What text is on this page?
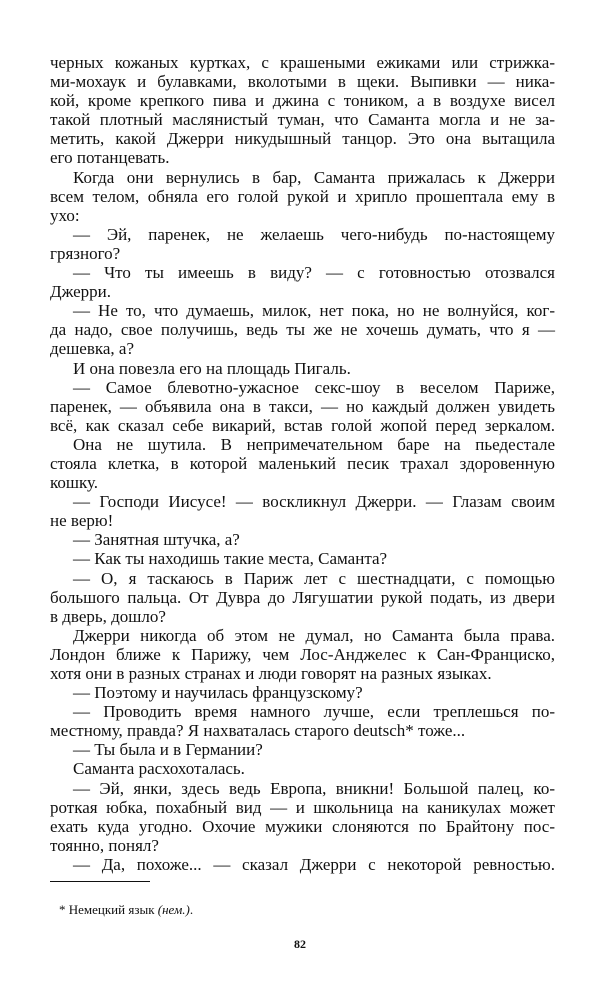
черных кожаных куртках, с крашеными ежиками или стрижка-
ми-мохаук и булавками, вколотыми в щеки. Выпивки — ника-
кой, кроме крепкого пива и джина с тоником, а в воздухе висел
такой плотный маслянистый туман, что Саманта могла и не за-
метить, какой Джерри никудышный танцор. Это она вытащила
его потанцевать.
Когда они вернулись в бар, Саманта прижалась к Джерри
всем телом, обняла его голой рукой и хрипло прошептала ему в
ухо:
— Эй, паренек, не желаешь чего-нибудь по-настоящему
грязного?
— Что ты имеешь в виду? — с готовностью отозвался
Джерри.
— Не то, что думаешь, милок, нет пока, но не волнуйся, ког-
да надо, свое получишь, ведь ты же не хочешь думать, что я —
дешевка, а?
И она повезла его на площадь Пигаль.
— Самое блевотно-ужасное секс-шоу в веселом Париже,
паренек, — объявила она в такси, — но каждый должен увидеть
всё, как сказал себе викарий, встав голой жопой перед зеркалом.
Она не шутила. В непримечательном баре на пьедестале
стояла клетка, в которой маленький песик трахал здоровенную
кошку.
— Господи Иисусе! — воскликнул Джерри. — Глазам своим
не верю!
— Занятная штучка, а?
— Как ты находишь такие места, Саманта?
— О, я таскаюсь в Париж лет с шестнадцати, с помощью
большого пальца. От Дувра до Лягушатии рукой подать, из двери
в дверь, дошло?
Джерри никогда об этом не думал, но Саманта была права.
Лондон ближе к Парижу, чем Лос-Анджелес к Сан-Франциско,
хотя они в разных странах и люди говорят на разных языках.
— Поэтому и научилась французскому?
— Проводить время намного лучше, если треплешься по-
местному, правда? Я нахваталась старого deutsch* тоже...
— Ты была и в Германии?
Саманта расхохоталась.
— Эй, янки, здесь ведь Европа, вникни! Большой палец, ко-
роткая юбка, похабный вид — и школьница на каникулах может
ехать куда угодно. Охочие мужики слоняются по Брайтону пос-
тоянно, понял?
— Да, похоже... — сказал Джерри с некоторой ревностью.
* Немецкий язык (нем.).
82
